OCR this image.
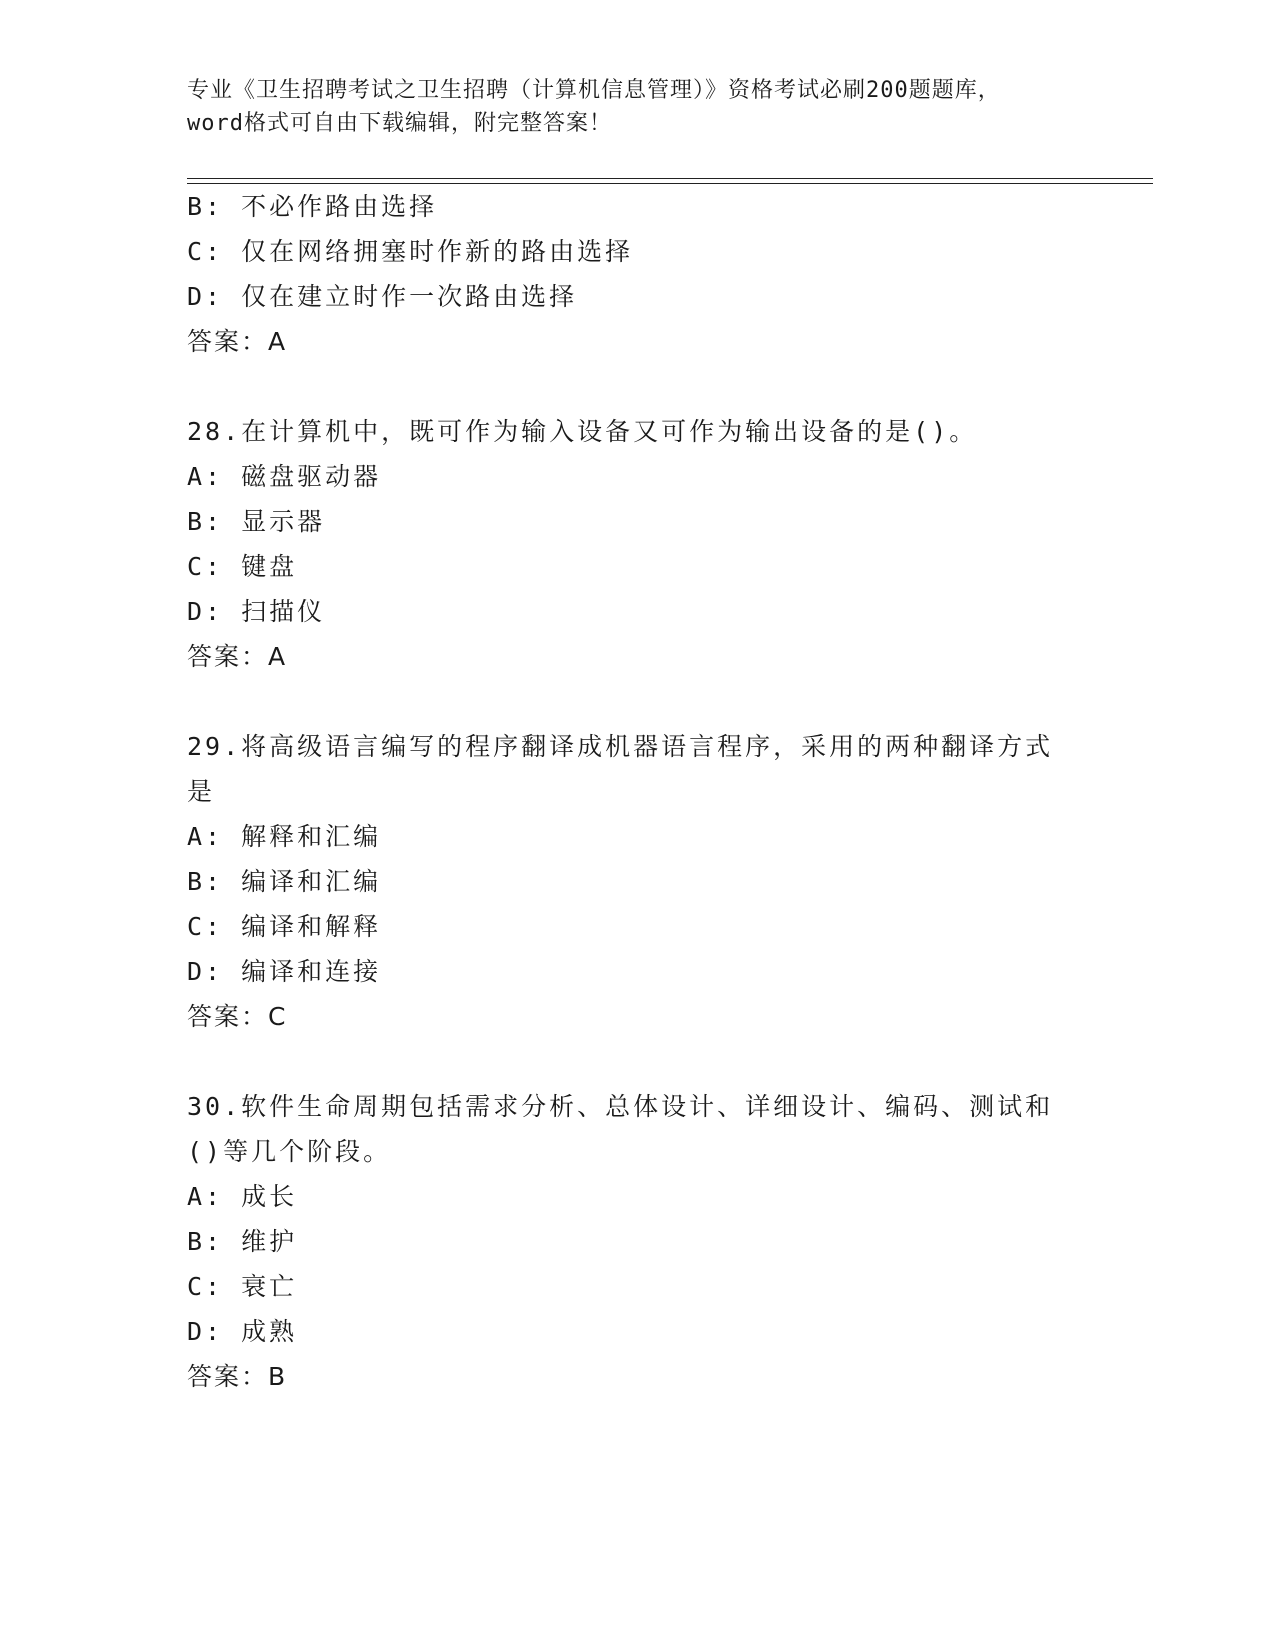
专业《卫生招聘考试之卫生招聘（计算机信息管理）》资格考试必刷200题题库，
word格式可自由下载编辑，附完整答案！
B: 不必作路由选择
C: 仅在网络拥塞时作新的路由选择
D: 仅在建立时作一次路由选择
答案：A
28.在计算机中，既可作为输入设备又可作为输出设备的是()。
A: 磁盘驱动器
B: 显示器
C: 键盘
D: 扫描仪
答案：A
29.将高级语言编写的程序翻译成机器语言程序，采用的两种翻译方式
是
A: 解释和汇编
B: 编译和汇编
C: 编译和解释
D: 编译和连接
答案：C
30.软件生命周期包括需求分析、总体设计、详细设计、编码、测试和
()等几个阶段。
A: 成长
B: 维护
C: 衰亡
D: 成熟
答案：B
